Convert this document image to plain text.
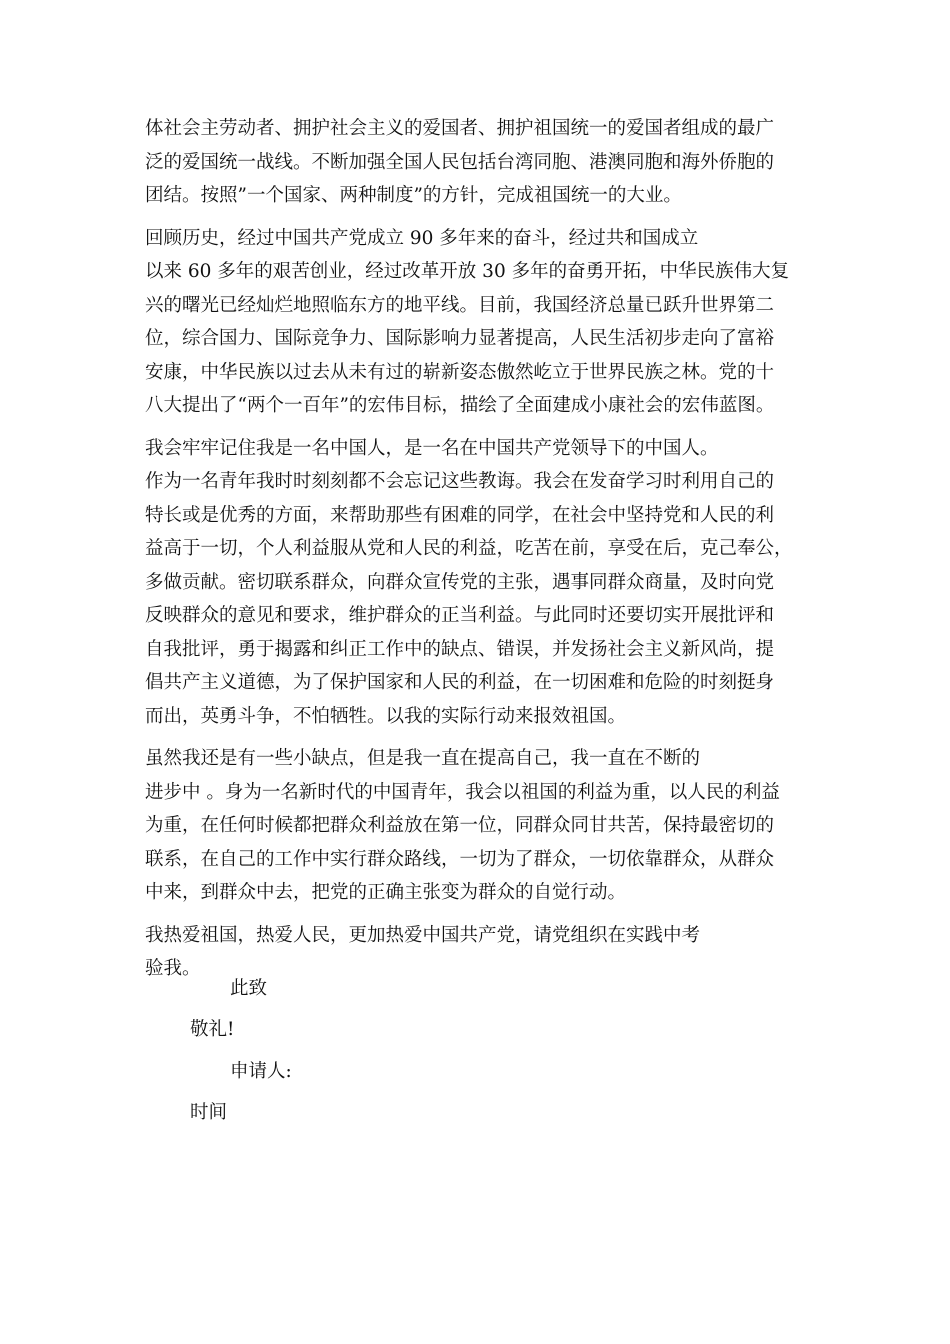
体社会主劳动者、拥护社会主义的爱国者、拥护祖国统一的爱国者组成的最广
泛的爱国统一战线。不断加强全国人民包括台湾同胞、港澳同胞和海外侨胞的
团结。按照”一个国家、两种制度”的方针，完成祖国统一的大业。
回顾历史，经过中国共产党成立 90 多年来的奋斗，经过共和国成立
以来 60 多年的艰苦创业，经过改革开放 30 多年的奋勇开拓，中华民族伟大复
兴的曙光已经灿烂地照临东方的地平线。目前，我国经济总量已跃升世界第二
位，综合国力、国际竞争力、国际影响力显著提高，人民生活初步走向了富裕
安康，中华民族以过去从未有过的崭新姿态傲然屹立于世界民族之林。党的十
八大提出了“两个一百年”的宏伟目标，描绘了全面建成小康社会的宏伟蓝图。
我会牢牢记住我是一名中国人，是一名在中国共产党领导下的中国人。
作为一名青年我时时刻刻都不会忘记这些教诲。我会在发奋学习时利用自己的
特长或是优秀的方面，来帮助那些有困难的同学，在社会中坚持党和人民的利
益高于一切，个人利益服从党和人民的利益，吃苦在前，享受在后，克己奉公，
多做贡献。密切联系群众，向群众宣传党的主张，遇事同群众商量，及时向党
反映群众的意见和要求，维护群众的正当利益。与此同时还要切实开展批评和
自我批评，勇于揭露和纠正工作中的缺点、错误，并发扬社会主义新风尚，提
倡共产主义道德，为了保护国家和人民的利益，在一切困难和危险的时刻挺身
而出，英勇斗争，不怕牺牲。以我的实际行动来报效祖国。
虽然我还是有一些小缺点，但是我一直在提高自己，我一直在不断的
进步中 。身为一名新时代的中国青年，我会以祖国的利益为重，以人民的利益
为重，在任何时候都把群众利益放在第一位，同群众同甘共苦，保持最密切的
联系，在自己的工作中实行群众路线，一切为了群众，一切依靠群众，从群众
中来，到群众中去，把党的正确主张变为群众的自觉行动。
我热爱祖国，热爱人民，更加热爱中国共产党，请党组织在实践中考
验我。
此致
敬礼!
申请人:
时间
